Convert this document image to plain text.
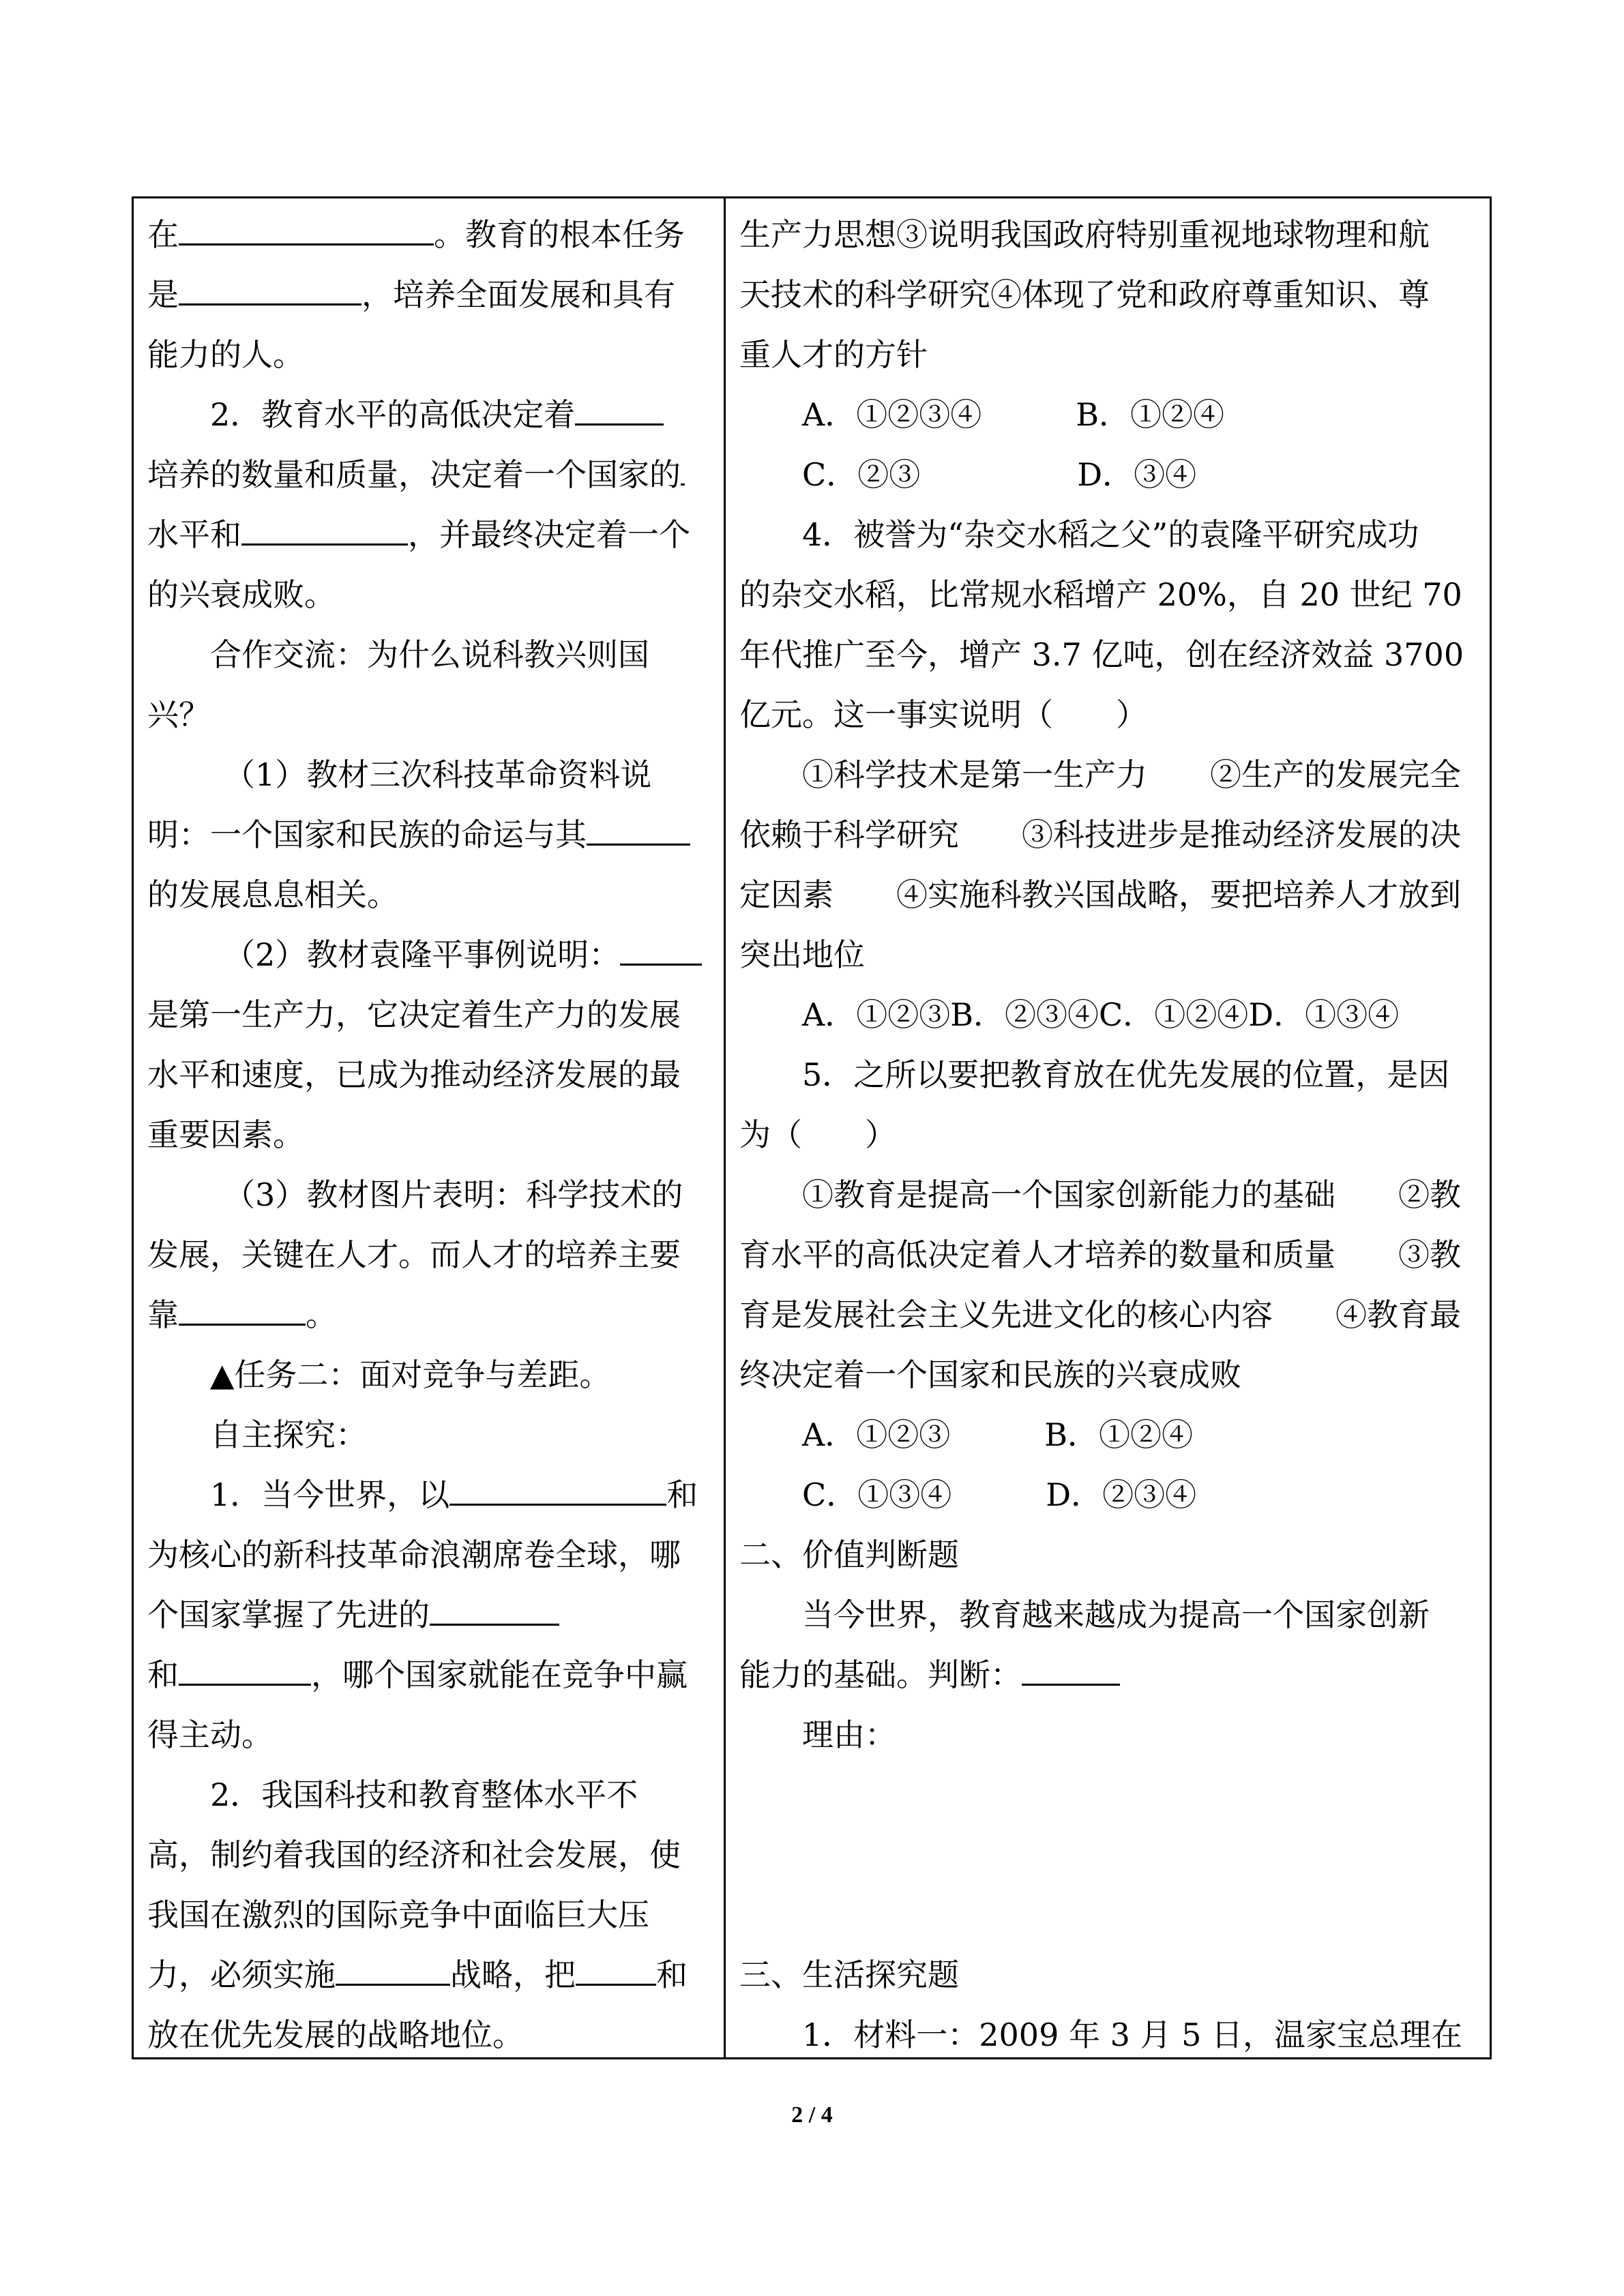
在	。教育的根本任务
是	，培养全面发展和具有
能力的人。
2．教育水平的高低决定着
培养的数量和质量，决定着一个国家的
水平和	，并最终决定着一个
的兴衰成败。
合作交流：为什么说科教兴则国
兴？
（1）教材三次科技革命资料说
明：一个国家和民族的命运与其
的发展息息相关。
（2）教材袁隆平事例说明：
是第一生产力，它决定着生产力的发展
水平和速度，已成为推动经济发展的最
重要因素。
（3）教材图片表明：科学技术的
发展，关键在人才。而人才的培养主要
靠	。
▲任务二：面对竞争与差距。
自主探究：
1．当今世界，以	和
为核心的新科技革命浪潮席卷全球，哪
个国家掌握了先进的
和	，哪个国家就能在竞争中赢
得主动。
2．我国科技和教育整体水平不
高，制约着我国的经济和社会发展，使
我国在激烈的国际竞争中面临巨大压
力，必须实施	战略，把	和
放在优先发展的战略地位。
生产力思想③说明我国政府特别重视地球物理和航
天技术的科学研究④体现了党和政府尊重知识、尊
重人才的方针
A．①②③④　　　B．①②④
C．②③　　　　　D．③④
4．被誉为“杂交水稻之父”的袁隆平研究成功
的杂交水稻，比常规水稻增产 20%，自 20 世纪 70
年代推广至今，增产 3.7 亿吨，创在经济效益 3700
亿元。这一事实说明（　　）
①科学技术是第一生产力　　②生产的发展完全
依赖于科学研究　　③科技进步是推动经济发展的决
定因素　　④实施科教兴国战略，要把培养人才放到
突出地位
A．①②③B．②③④C．①②④D．①③④
5．之所以要把教育放在优先发展的位置，是因
为（　　）
①教育是提高一个国家创新能力的基础　　②教
育水平的高低决定着人才培养的数量和质量　　③教
育是发展社会主义先进文化的核心内容　　④教育最
终决定着一个国家和民族的兴衰成败
A．①②③　　　B．①②④
C．①③④　　　D．②③④
二、价值判断题
当今世界，教育越来越成为提高一个国家创新
能力的基础。判断：
理由：
三、生活探究题
1．材料一：2009 年 3 月 5 日，温家宝总理在
2 / 4
